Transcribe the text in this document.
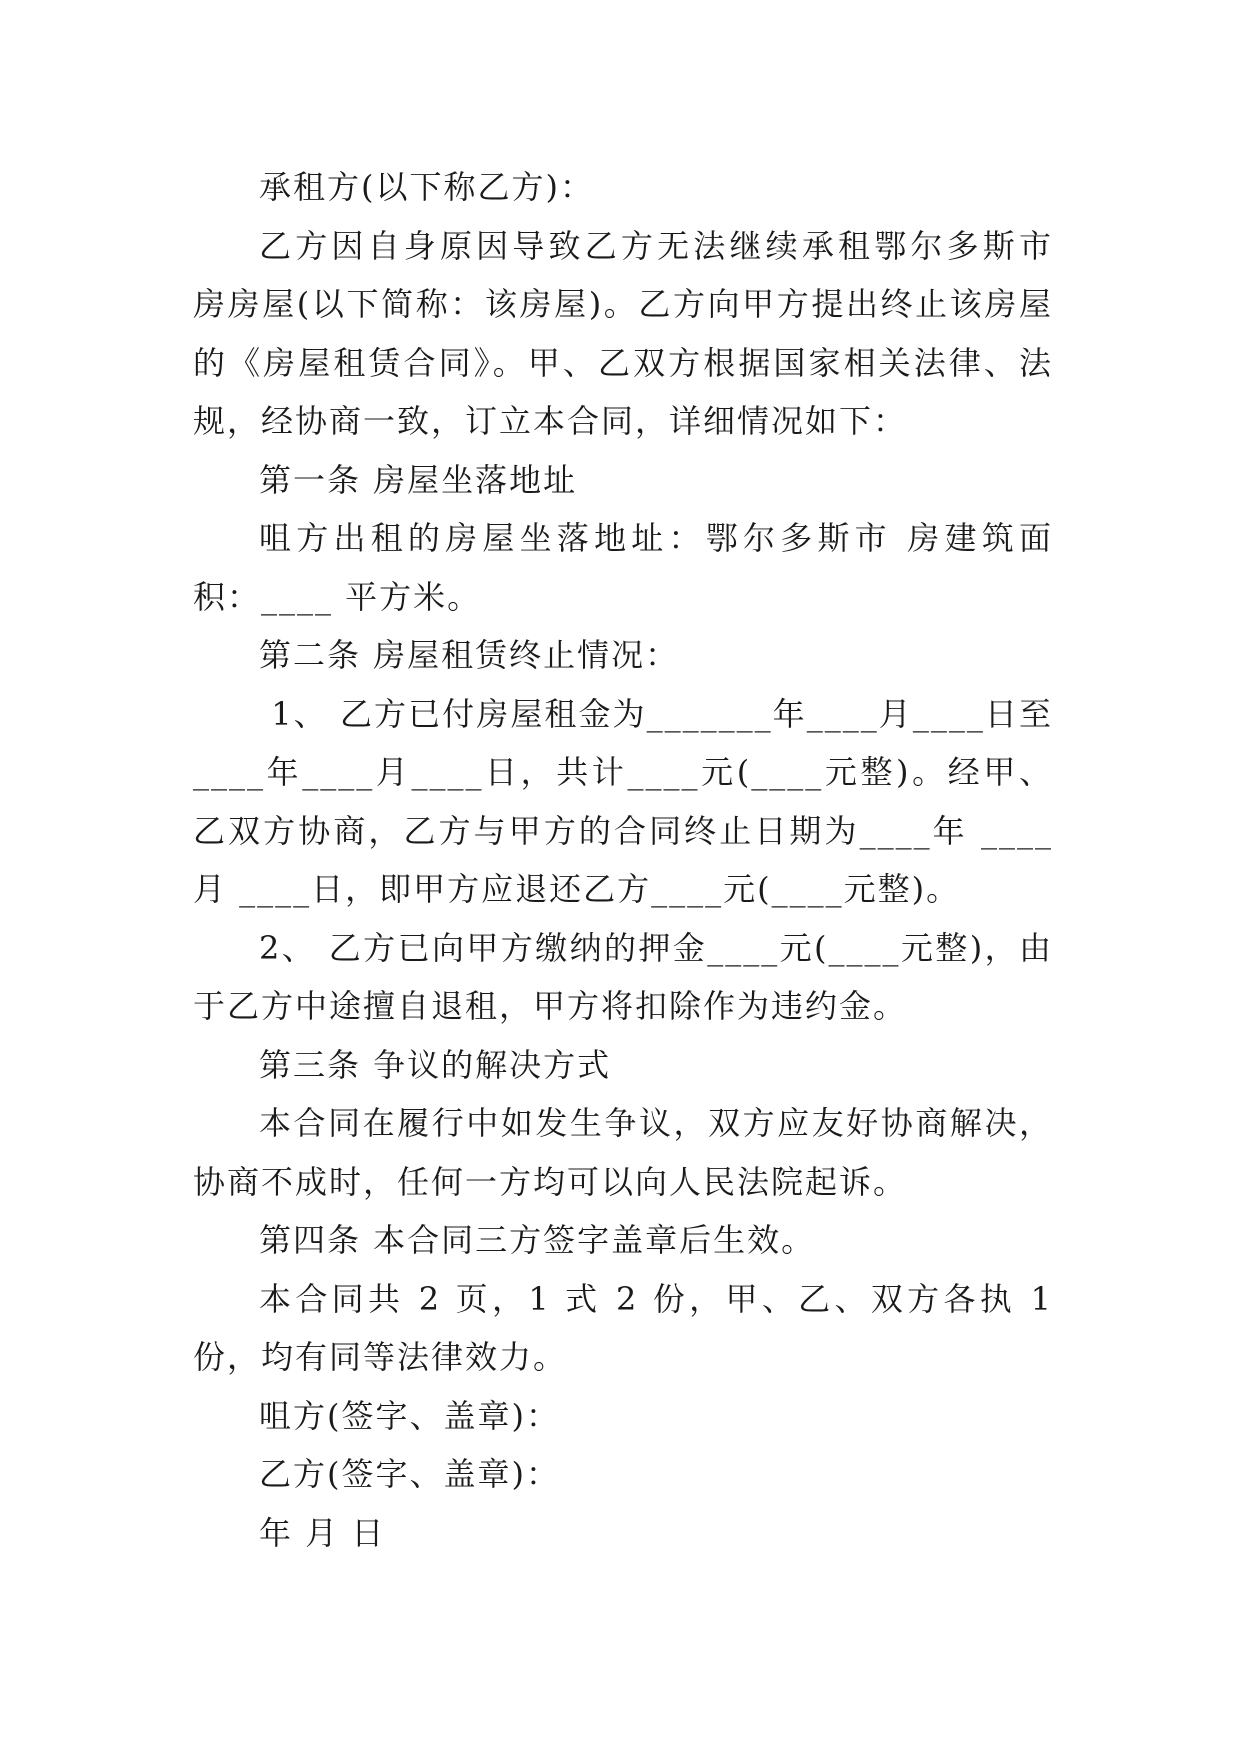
承租方(以下称乙方)：

乙方因自身原因导致乙方无法继续承租鄂尔多斯市 房房屋(以下简称：该房屋)。乙方向甲方提出终止该房屋的《房屋租赁合同》。甲、乙双方根据国家相关法律、法规，经协商一致，订立本合同，详细情况如下：

第一条 房屋坐落地址

咀方出租的房屋坐落地址：鄂尔多斯市 房建筑面积：____ 平方米。

第二条 房屋租赁终止情况：

1、 乙方已付房屋租金为_______年____月____日至____年____月____日，共计____元(____元整)。经甲、乙双方协商，乙方与甲方的合同终止日期为____年 ____月 ____日，即甲方应退还乙方____元(____元整)。

2、 乙方已向甲方缴纳的押金____元(____元整)，由于乙方中途擅自退租，甲方将扣除作为违约金。

第三条 争议的解决方式

本合同在履行中如发生争议，双方应友好协商解决，协商不成时，任何一方均可以向人民法院起诉。

第四条 本合同三方签字盖章后生效。

本合同共 2 页，1 式 2 份，甲、乙、双方各执 1 份，均有同等法律效力。

咀方(签字、盖章)：

乙方(签字、盖章)：

年 月 日
